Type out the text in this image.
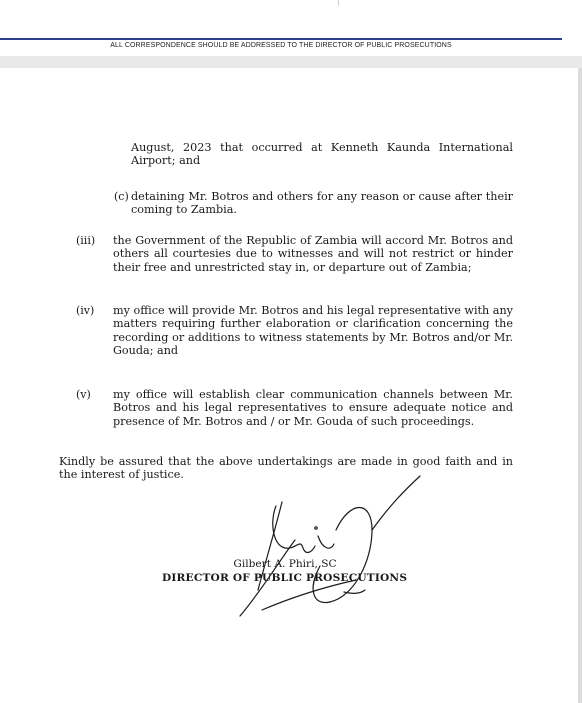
ALL CORRESPONDENCE SHOULD BE ADDRESSED TO THE DIRECTOR OF PUBLIC PROSECUTIONS

August, 2023 that occurred at Kenneth Kaunda International Airport; and

(c) detaining Mr. Botros and others for any reason or cause after their coming to Zambia.

(iii) the Government of the Republic of Zambia will accord Mr. Botros and others all courtesies due to witnesses and will not restrict or hinder their free and unrestricted stay in, or departure out of Zambia;

(iv) my office will provide Mr. Botros and his legal representative with any matters requiring further elaboration or clarification concerning the recording or additions to witness statements by Mr. Botros and/or Mr. Gouda; and

(v) my office will establish clear communication channels between Mr. Botros and his legal representatives to ensure adequate notice and presence of Mr. Botros and / or Mr. Gouda of such proceedings.

Kindly be assured that the above undertakings are made in good faith and in the interest of justice.

Gilbert A. Phiri, SC
DIRECTOR OF PUBLIC PROSECUTIONS
